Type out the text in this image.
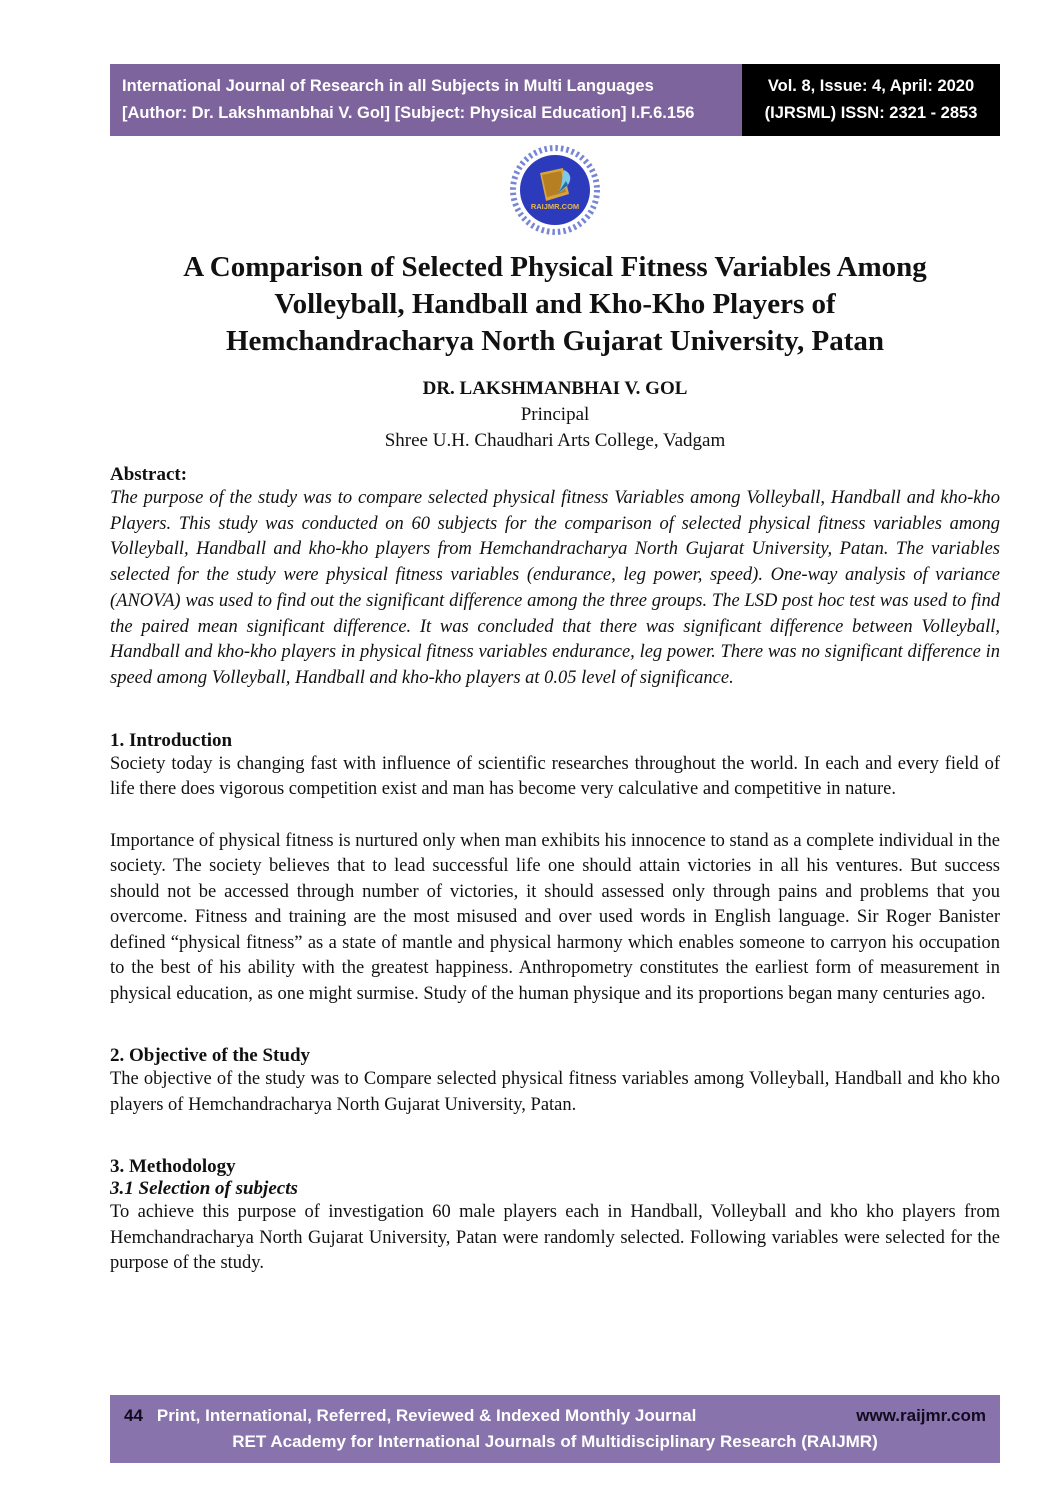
International Journal of Research in all Subjects in Multi Languages
[Author: Dr. Lakshmanbhai V. Gol] [Subject: Physical Education] I.F.6.156
Vol. 8, Issue: 4, April: 2020
(IJRSML) ISSN: 2321 - 2853
RAIJMR.COM
A Comparison of Selected Physical Fitness Variables Among
Volleyball, Handball and Kho-Kho Players of
Hemchandracharya North Gujarat University, Patan
DR. LAKSHMANBHAI V. GOL
Principal
Shree U.H. Chaudhari Arts College, Vadgam
Abstract:
The purpose of the study was to compare selected physical fitness Variables among Volleyball, Handball and kho-kho Players. This study was conducted on 60 subjects for the comparison of selected physical fitness variables among Volleyball, Handball and kho-kho players from Hemchandracharya North Gujarat University, Patan. The variables selected for the study were physical fitness variables (endurance, leg power, speed). One-way analysis of variance (ANOVA) was used to find out the significant difference among the three groups. The LSD post hoc test was used to find the paired mean significant difference. It was concluded that there was significant difference between Volleyball, Handball and kho-kho players in physical fitness variables endurance, leg power. There was no significant difference in speed among Volleyball, Handball and kho-kho players at 0.05 level of significance.
1. Introduction

Society today is changing fast with influence of scientific researches throughout the world. In each and every field of life there does vigorous competition exist and man has become very calculative and competitive in nature.

Importance of physical fitness is nurtured only when man exhibits his innocence to stand as a complete individual in the society. The society believes that to lead successful life one should attain victories in all his ventures. But success should not be accessed through number of victories, it should assessed only through pains and problems that you overcome. Fitness and training are the most misused and over used words in English language. Sir Roger Banister defined “physical fitness” as a state of mantle and physical harmony which enables someone to carryon his occupation to the best of his ability with the greatest happiness. Anthropometry constitutes the earliest form of measurement in physical education, as one might surmise. Study of the human physique and its proportions began many centuries ago.

2. Objective of the Study

The objective of the study was to Compare selected physical fitness variables among Volleyball, Handball and kho kho players of Hemchandracharya North Gujarat University, Patan.

3. Methodology
3.1 Selection of subjects

To achieve this purpose of investigation 60 male players each in Handball, Volleyball and kho kho players from Hemchandracharya North Gujarat University, Patan were randomly selected. Following variables were selected for the purpose of the study.

44 Print, International, Referred, Reviewed & Indexed Monthly Journal	www.raijmr.com
RET Academy for International Journals of Multidisciplinary Research (RAIJMR)
